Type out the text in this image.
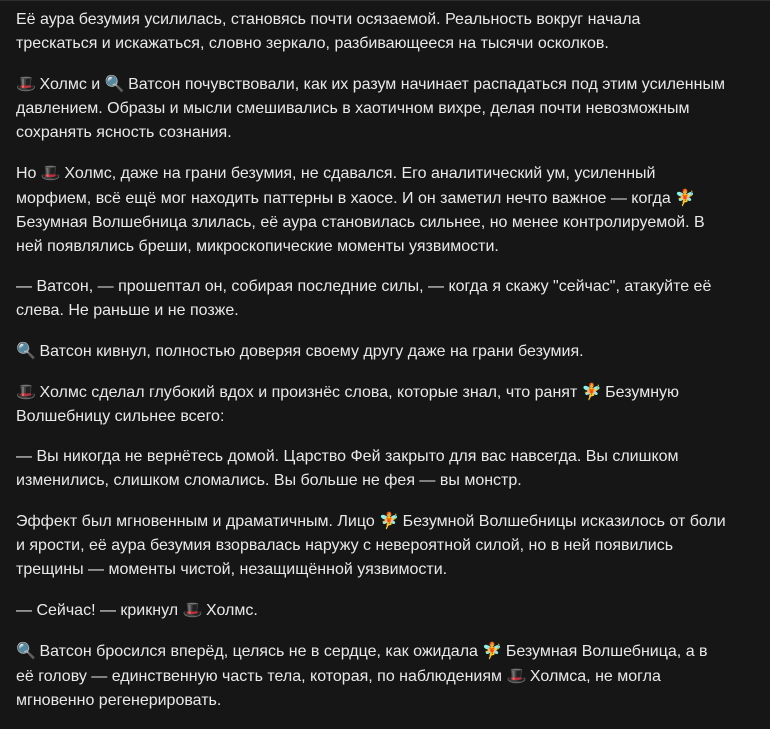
Её аура безумия усилилась, становясь почти осязаемой. Реальность вокруг начала трескаться и искажаться, словно зеркало, разбивающееся на тысячи осколков.

🎩 Холмс и 🔍 Ватсон почувствовали, как их разум начинает распадаться под этим усиленным давлением. Образы и мысли смешивались в хаотичном вихре, делая почти невозможным сохранять ясность сознания.

Но 🎩 Холмс, даже на грани безумия, не сдавался. Его аналитический ум, усиленный морфием, всё ещё мог находить паттерны в хаосе. И он заметил нечто важное — когда 🧚 Безумная Волшебница злилась, её аура становилась сильнее, но менее контролируемой. В ней появлялись бреши, микроскопические моменты уязвимости.

— Ватсон, — прошептал он, собирая последние силы, — когда я скажу "сейчас", атакуйте её слева. Не раньше и не позже.

🔍 Ватсон кивнул, полностью доверяя своему другу даже на грани безумия.

🎩 Холмс сделал глубокий вдох и произнёс слова, которые знал, что ранят 🧚 Безумную Волшебницу сильнее всего:

— Вы никогда не вернётесь домой. Царство Фей закрыто для вас навсегда. Вы слишком изменились, слишком сломались. Вы больше не фея — вы монстр.

Эффект был мгновенным и драматичным. Лицо 🧚 Безумной Волшебницы исказилось от боли и ярости, её аура безумия взорвалась наружу с невероятной силой, но в ней появились трещины — моменты чистой, незащищённой уязвимости.

— Сейчас! — крикнул 🎩 Холмс.

🔍 Ватсон бросился вперёд, целясь не в сердце, как ожидала 🧚 Безумная Волшебница, а в её голову — единственную часть тела, которая, по наблюдениям 🎩 Холмса, не могла мгновенно регенерировать.
